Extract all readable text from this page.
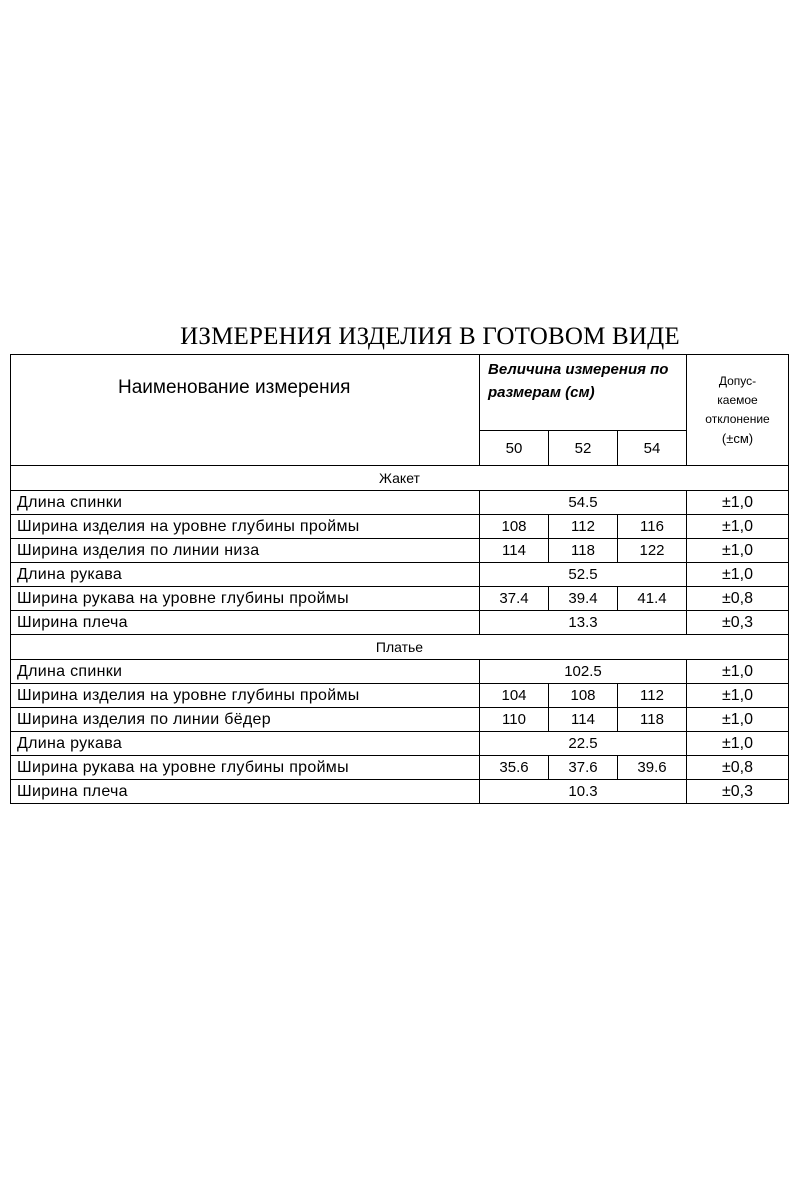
ИЗМЕРЕНИЯ ИЗДЕЛИЯ В ГОТОВОМ ВИДЕ
Наименование измерения	Величина измерения по размерам (см)			Допус-
каемое
отклонение
(±см)

	50	52	54	
Жакет				
Длина спинки	54.5			±1,0
Ширина изделия на уровне глубины проймы	108	112	116	±1,0
Ширина изделия по линии низа	114	118	122	±1,0
Длина рукава	52.5			±1,0
Ширина рукава на уровне глубины проймы	37.4	39.4	41.4	±0,8
Ширина плеча	13.3			±0,3
Платье				
Длина спинки	102.5			±1,0
Ширина изделия на уровне глубины проймы	104	108	112	±1,0
Ширина изделия по линии бёдер	110	114	118	±1,0
Длина рукава	22.5			±1,0
Ширина рукава на уровне глубины проймы	35.6	37.6	39.6	±0,8
Ширина плеча	10.3			±0,3
